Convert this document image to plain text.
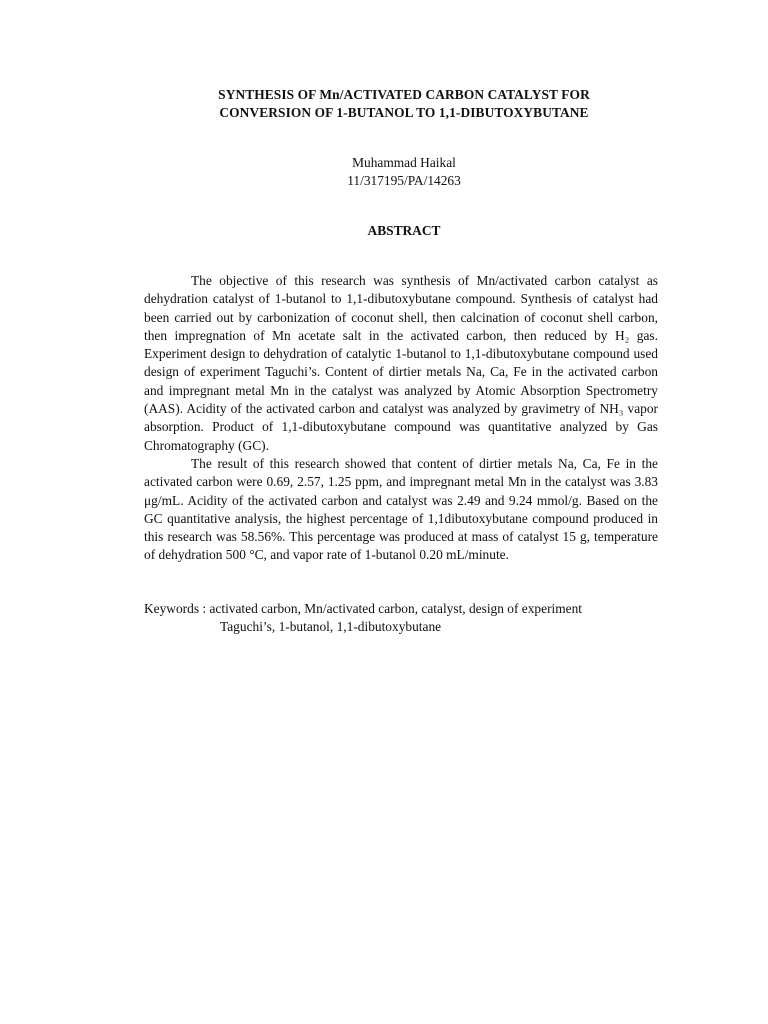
SYNTHESIS OF Mn/ACTIVATED CARBON CATALYST FOR
CONVERSION OF 1-BUTANOL TO 1,1-DIBUTOXYBUTANE
Muhammad Haikal
11/317195/PA/14263
ABSTRACT

The objective of this research was synthesis of Mn/activated carbon catalyst as dehydration catalyst of 1-butanol to 1,1-dibutoxybutane compound. Synthesis of catalyst had been carried out by carbonization of coconut shell, then calcination of coconut shell carbon, then impregnation of Mn acetate salt in the activated carbon, then reduced by H₂ gas. Experiment design to dehydration of catalytic 1-butanol to 1,1-dibutoxybutane compound used design of experiment Taguchi’s. Content of dirtier metals Na, Ca, Fe in the activated carbon and impregnant metal Mn in the catalyst was analyzed by Atomic Absorption Spectrometry (AAS). Acidity of the activated carbon and catalyst was analyzed by gravimetry of NH₃ vapor absorption. Product of 1,1-dibutoxybutane compound was quantitative analyzed by Gas Chromatography (GC).

The result of this research showed that content of dirtier metals Na, Ca, Fe in the activated carbon were 0.69, 2.57, 1.25 ppm, and impregnant metal Mn in the catalyst was 3.83 μg/mL. Acidity of the activated carbon and catalyst was 2.49 and 9.24 mmol/g. Based on the GC quantitative analysis, the highest percentage of 1,1dibutoxybutane compound produced in this research was 58.56%. This percentage was produced at mass of catalyst 15 g, temperature of dehydration 500 °C, and vapor rate of 1-butanol 0.20 mL/minute.

Keywords : activated carbon, Mn/activated carbon, catalyst, design of experiment
Taguchi’s, 1-butanol, 1,1-dibutoxybutane
